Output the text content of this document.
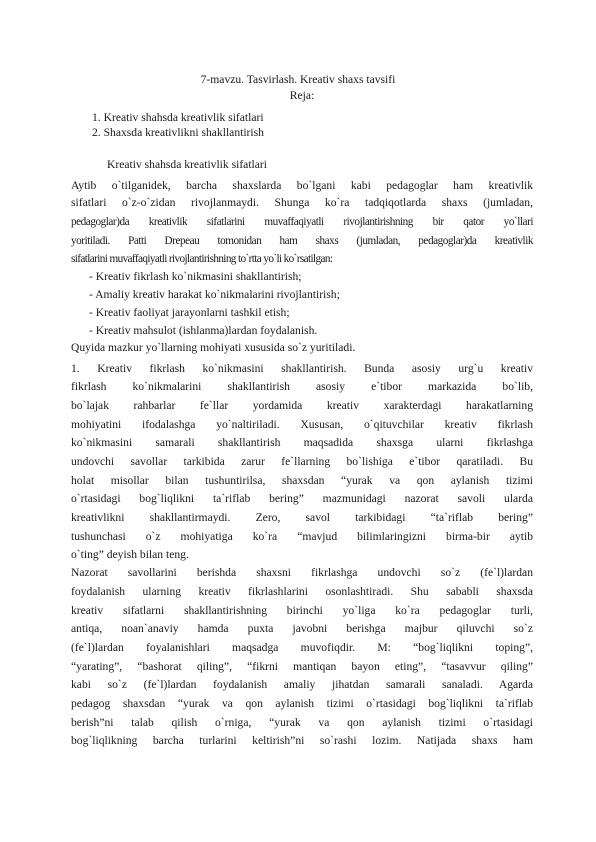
7-mavzu. Tasvirlash. Kreativ shaxs tavsifi
Reja:
1. Kreativ shahsda kreativlik sifatlari
2. Shaxsda kreativlikni shakllantirish
Kreativ shahsda kreativlik sifatlari
Aytib o`tilganidek, barcha shaxslarda bo`lgani kabi pedagoglar ham kreativlik
sifatlari o`z-o`zidan rivojlanmaydi. Shunga ko`ra tadqiqotlarda shaxs (jumladan,
pedagoglar)da kreativlik sifatlarini muvaffaqiyatli rivojlantirishning bir qator yo`llari
yoritiladi. Patti Drepeau tomonidan ham shaxs (jumladan, pedagoglar)da kreativlik
sifatlarini muvaffaqiyatli rivojlantirishning to`rtta yo`li ko`rsatilgan:
- Kreativ fikrlash ko`nikmasini shakllantirish;
- Amaliy kreativ harakat ko`nikmalarini rivojlantirish;
- Kreativ faoliyat jarayonlarni tashkil etish;
- Kreativ mahsulot (ishlanma)lardan foydalanish.
Quyida mazkur yo`llarning mohiyati xususida so`z yuritiladi.
1. Kreativ fikrlash ko`nikmasini shakllantirish. Bunda asosiy urg`u kreativ
fikrlash ko`nikmalarini shakllantirish asosiy e`tibor markazida bo`lib,
bo`lajak rahbarlar fe`llar yordamida kreativ xarakterdagi harakatlarning
mohiyatini ifodalashga yo`naltiriladi. Xususan, o`qituvchilar kreativ fikrlash
ko`nikmasini samarali shakllantirish maqsadida shaxsga ularni fikrlashga
undovchi savollar tarkibida zarur fe`llarning bo`lishiga e`tibor qaratiladi. Bu
holat misollar bilan tushuntirilsa, shaxsdan “yurak va qon aylanish tizimi
o`rtasidagi bog`liqlikni ta`riflab bering” mazmunidagi nazorat savoli ularda
kreativlikni shakllantirmaydi. Zero, savol tarkibidagi “ta`riflab bering”
tushunchasi o`z mohiyatiga ko`ra “mavjud bilimlaringizni birma-bir aytib
o`ting” deyish bilan teng.
Nazorat savollarini berishda shaxsni fikrlashga undovchi so`z (fe`l)lardan
foydalanish ularning kreativ fikrlashlarini osonlashtiradi. Shu sababli shaxsda
kreativ sifatlarni shakllantirishning birinchi yo`liga ko`ra pedagoglar turli,
antiqa, noan`anaviy hamda puxta javobni berishga majbur qiluvchi so`z
(fe`l)lardan foyalanishlari maqsadga muvofiqdir. M: “bog`liqlikni toping”,
“yarating”, “bashorat qiling”, “fikrni mantiqan bayon eting”, “tasavvur qiling”
kabi so`z (fe`l)lardan foydalanish amaliy jihatdan samarali sanaladi. Agarda
pedagog shaxsdan “yurak va qon aylanish tizimi o`rtasidagi bog`liqlikni ta`riflab
berish”ni talab qilish o`rniga, “yurak va qon aylanish tizimi o`rtasidagi
bog`liqlikning barcha turlarini keltirish”ni so`rashi lozim. Natijada shaxs ham
